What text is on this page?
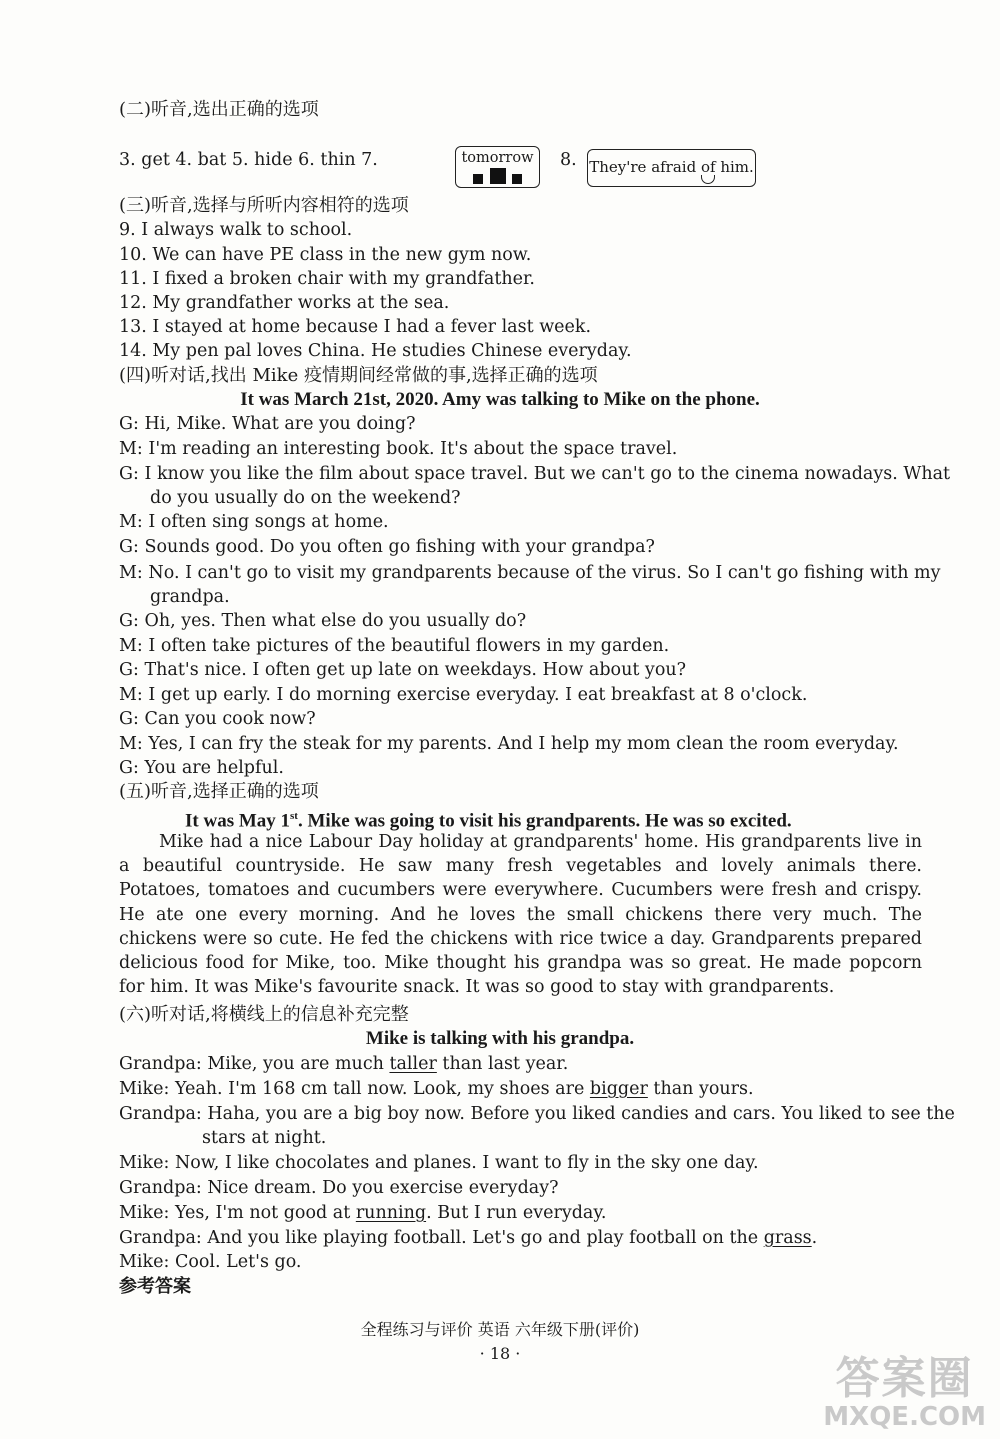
(二)听音,选出正确的选项
3. get 4. bat 5. hide 6. thin 7.	tomorrow
	8. They're afraid of him.
(三)听音,选择与所听内容相符的选项
9. I always walk to school.
10. We can have PE class in the new gym now.
11. I fixed a broken chair with my grandfather.
12. My grandfather works at the sea.
13. I stayed at home because I had a fever last week.
14. My pen pal loves China. He studies Chinese everyday.
(四)听对话,找出 Mike 疫情期间经常做的事,选择正确的选项
It was March 21st, 2020. Amy was talking to Mike on the phone.
G: Hi, Mike. What are you doing?
M: I'm reading an interesting book. It's about the space travel.
G: I know you like the film about space travel. But we can't go to the cinema nowadays. What
do you usually do on the weekend?
M: I often sing songs at home.
G: Sounds good. Do you often go fishing with your grandpa?
M: No. I can't go to visit my grandparents because of the virus. So I can't go fishing with my
grandpa.
G: Oh, yes. Then what else do you usually do?
M: I often take pictures of the beautiful flowers in my garden.
G: That's nice. I often get up late on weekdays. How about you?
M: I get up early. I do morning exercise everyday. I eat breakfast at 8 o'clock.
G: Can you cook now?
M: Yes, I can fry the steak for my parents. And I help my mom clean the room everyday.
G: You are helpful.
(五)听音,选择正确的选项
It was May 1st. Mike was going to visit his grandparents. He was so excited.
Mike had a nice Labour Day holiday at grandparents' home. His grandparents live in a beautiful countryside. He saw many fresh vegetables and lovely animals there. Potatoes, tomatoes and cucumbers were everywhere. Cucumbers were fresh and crispy. He ate one every morning. And he loves the small chickens there very much. The chickens were so cute. He fed the chickens with rice twice a day. Grandparents prepared delicious food for Mike, too. Mike thought his grandpa was so great. He made popcorn for him. It was Mike's favourite snack. It was so good to stay with grandparents.
(六)听对话,将横线上的信息补充完整
Mike is talking with his grandpa.
Grandpa: Mike, you are much taller than last year.
Mike: Yeah. I'm 168 cm tall now. Look, my shoes are bigger than yours.
Grandpa: Haha, you are a big boy now. Before you liked candies and cars. You liked to see the
stars at night.
Mike: Now, I like chocolates and planes. I want to fly in the sky one day.
Grandpa: Nice dream. Do you exercise everyday?
Mike: Yes, I'm not good at running. But I run everyday.
Grandpa: And you like playing football. Let's go and play football on the grass.
Mike: Cool. Let's go.
参考答案
全程练习与评价 英语 六年级下册(评价)
· 18 ·	答案圈
MXQE.COM
